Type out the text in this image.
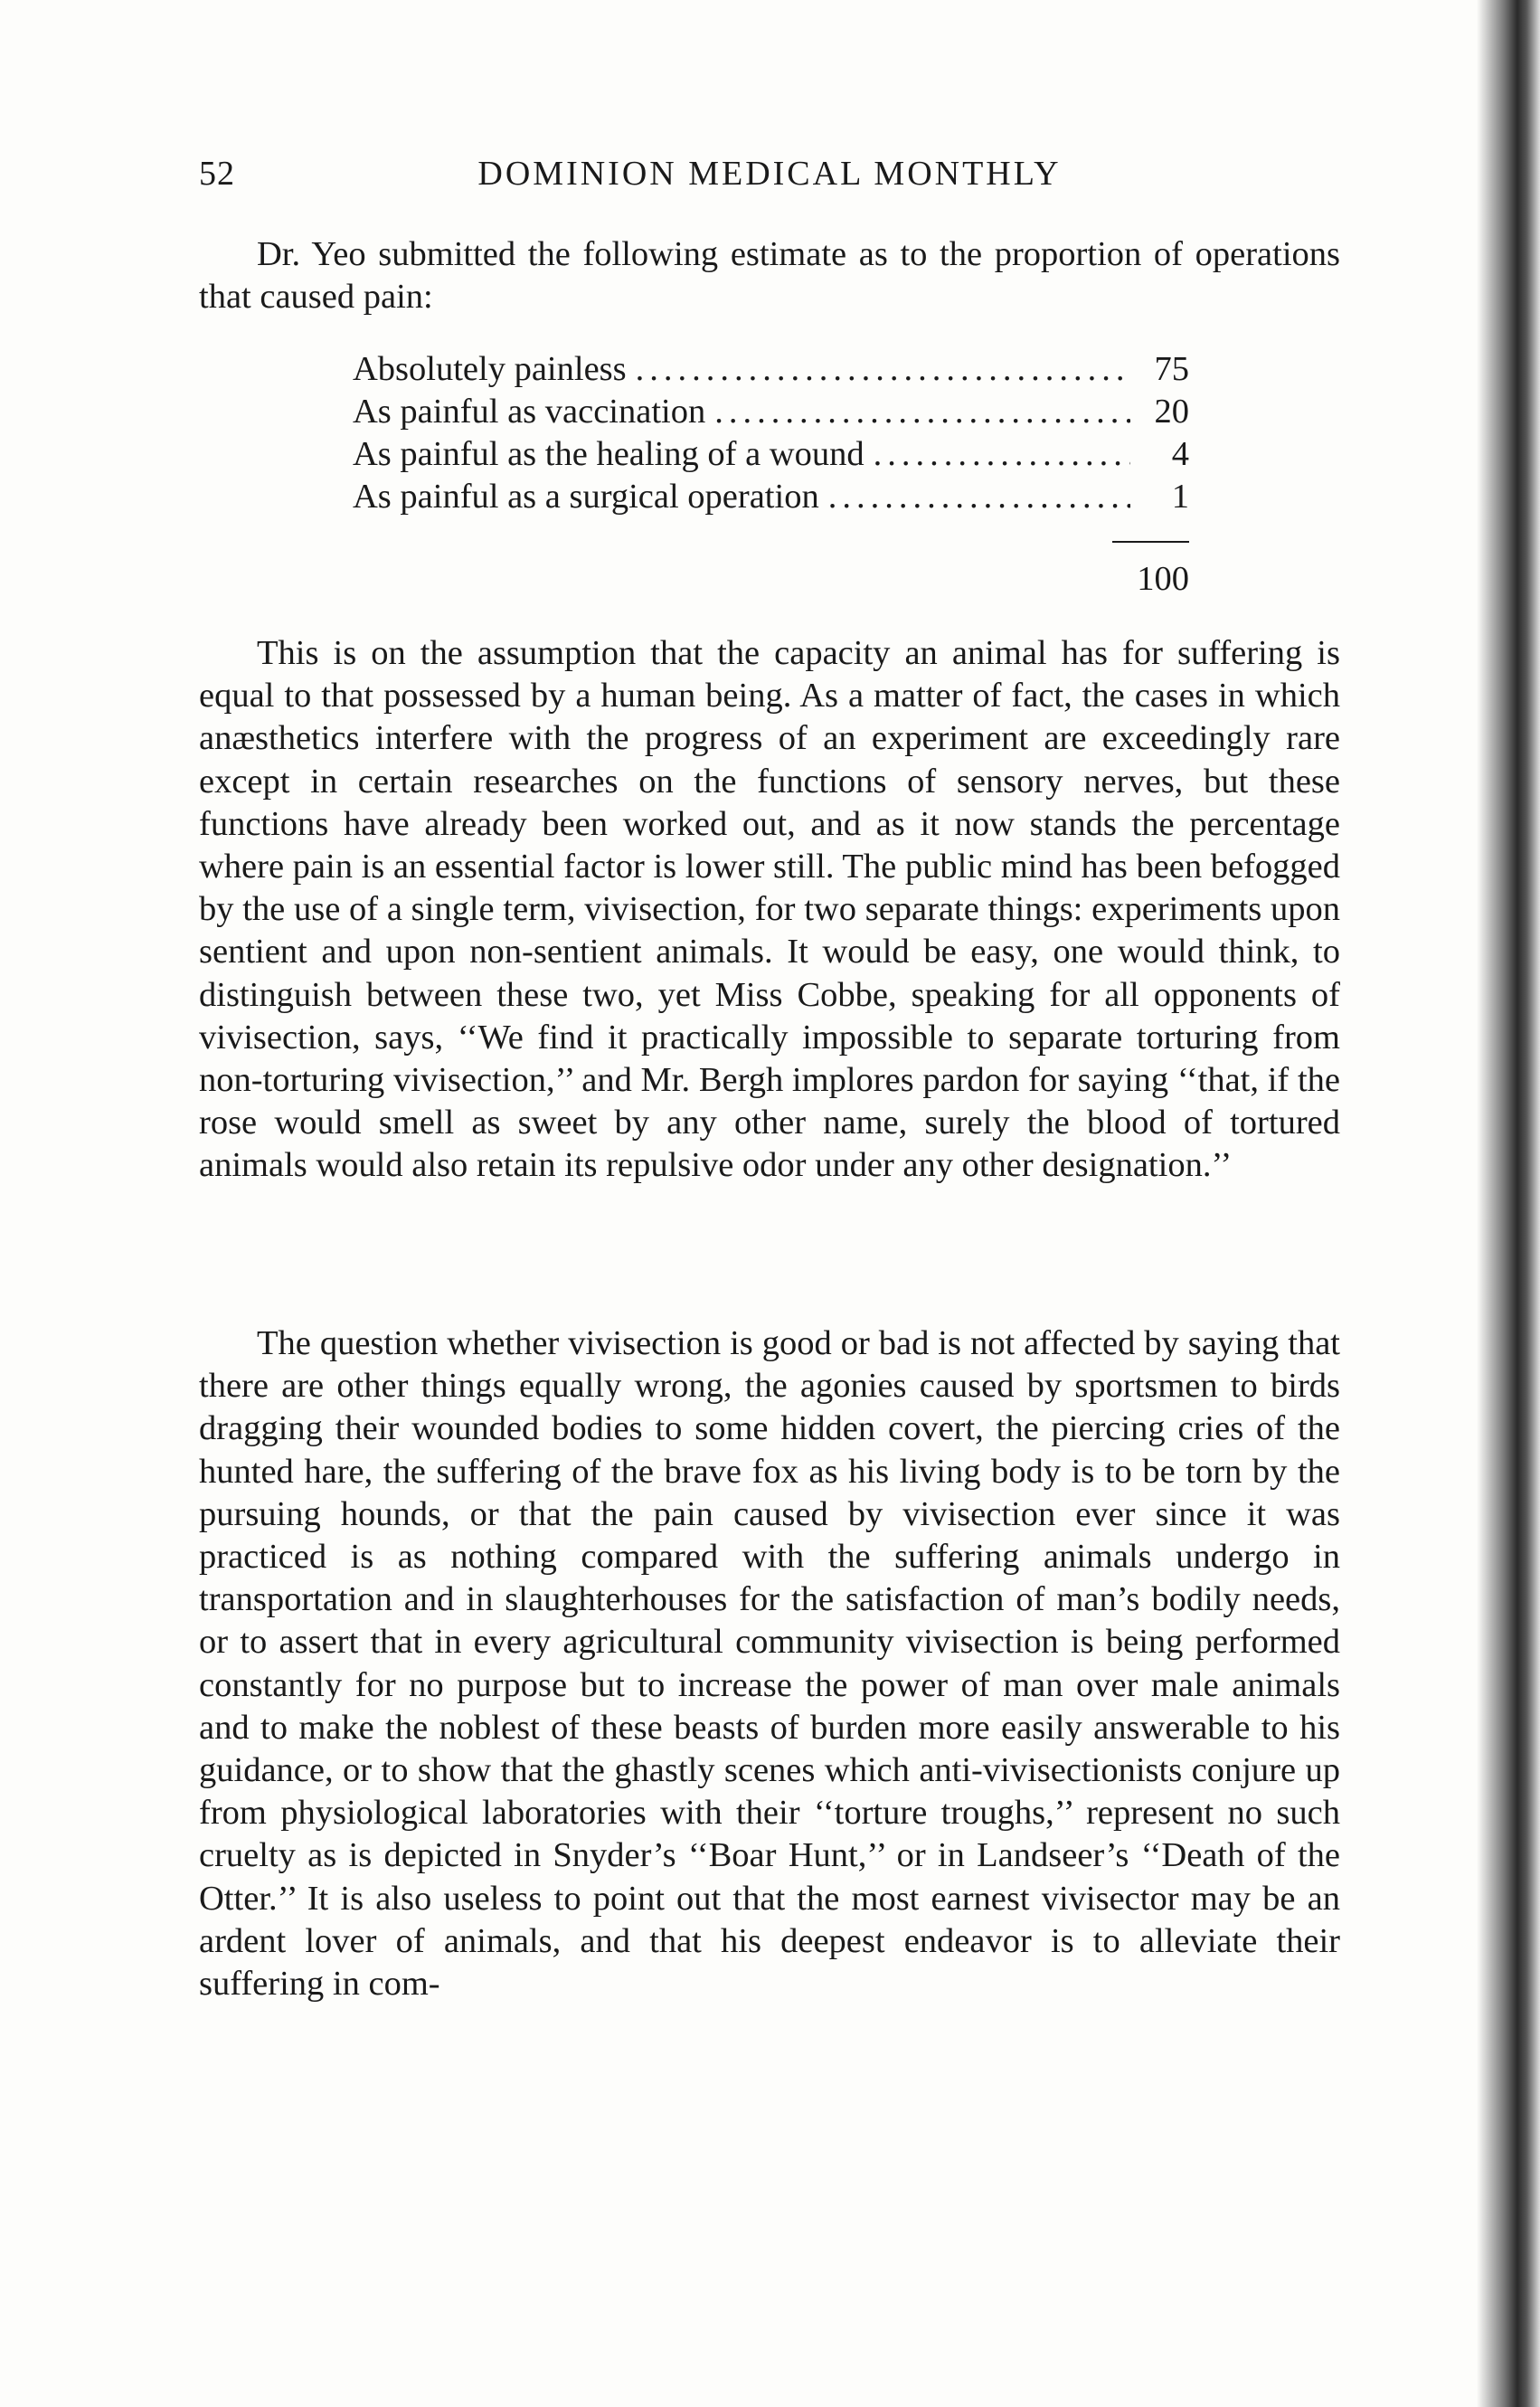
52	DOMINION MEDICAL MONTHLY

Dr. Yeo submitted the following estimate as to the proportion of operations that caused pain:

Absolutely painless .....	75
As painful as vaccination .....	20
As painful as the healing of a wound .....	4
As painful as a surgical operation .....	1
100

This is on the assumption that the capacity an animal has for suffering is equal to that possessed by a human being. As a matter of fact, the cases in which anæsthetics interfere with the progress of an experiment are exceedingly rare except in certain researches on the functions of sensory nerves, but these functions have already been worked out, and as it now stands the percentage where pain is an essential factor is lower still. The public mind has been befogged by the use of a single term, vivisection, for two separate things: experiments upon sentient and upon non-sentient animals. It would be easy, one would think, to distinguish between these two, yet Miss Cobbe, speaking for all opponents of vivisection, says, ‘‘We find it practically impossible to separate torturing from non-torturing vivisection,’’ and Mr. Bergh implores pardon for saying ‘‘that, if the rose would smell as sweet by any other name, surely the blood of tortured animals would also retain its repulsive odor under any other designation.’’

The question whether vivisection is good or bad is not affected by saying that there are other things equally wrong, the agonies caused by sportsmen to birds dragging their wounded bodies to some hidden covert, the piercing cries of the hunted hare, the suffering of the brave fox as his living body is to be torn by the pursuing hounds, or that the pain caused by vivisection ever since it was practiced is as nothing compared with the suffering animals undergo in transportation and in slaughterhouses for the satisfaction of man’s bodily needs, or to assert that in every agricultural community vivisection is being performed constantly for no purpose but to increase the power of man over male animals and to make the noblest of these beasts of burden more easily answerable to his guidance, or to show that the ghastly scenes which anti-vivisectionists conjure up from physiological laboratories with their ‘‘torture troughs,’’ represent no such cruelty as is depicted in Snyder’s ‘‘Boar Hunt,’’ or in Landseer’s ‘‘Death of the Otter.’’ It is also useless to point out that the most earnest vivisector may be an ardent lover of animals, and that his deepest endeavor is to alleviate their suffering in com-
